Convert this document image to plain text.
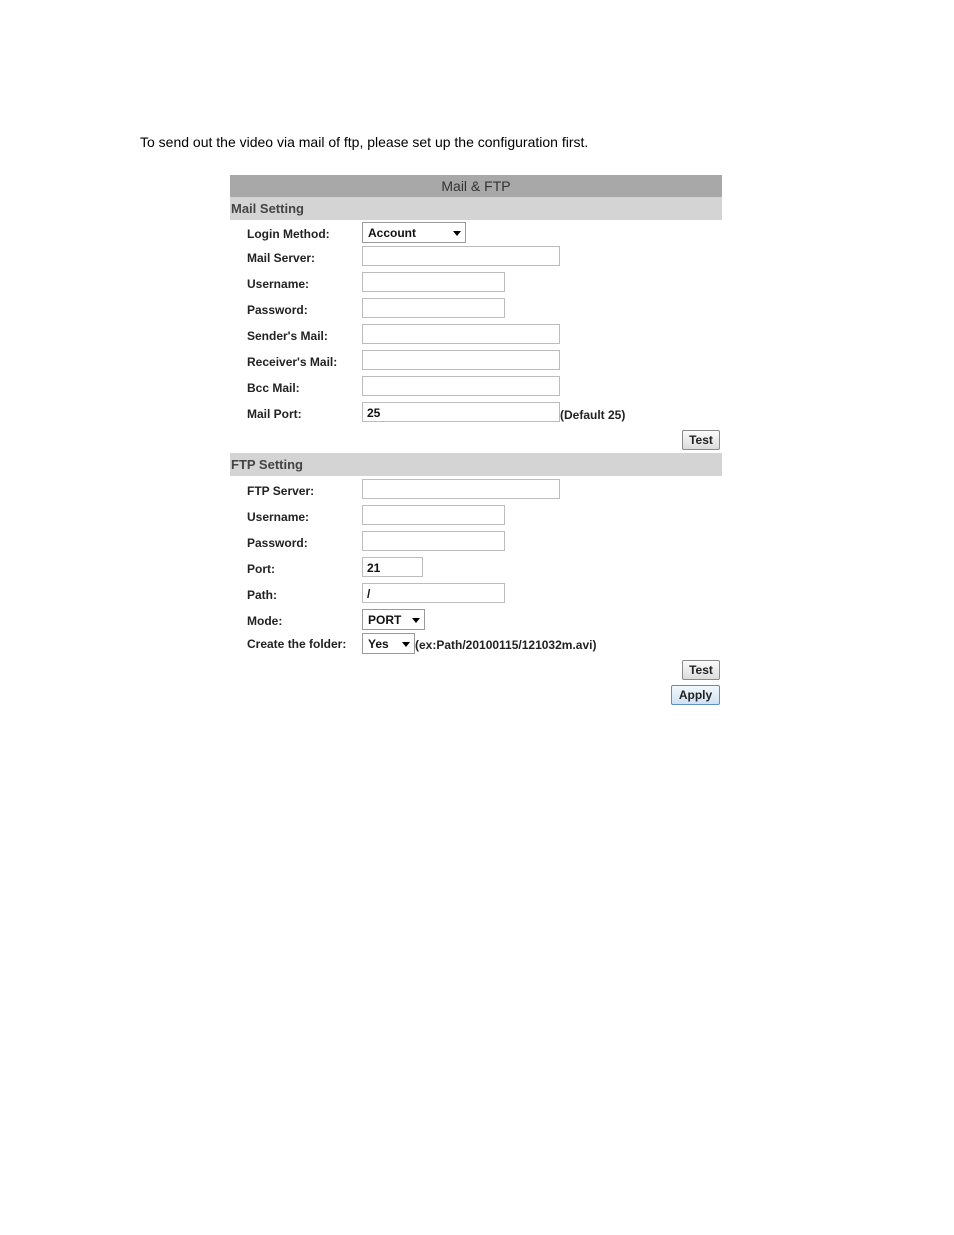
To send out the video via mail of ftp, please set up the configuration first.
Mail & FTP
Mail Setting
Login Method:	Account
Mail Server:
Username:
Password:
Sender's Mail:
Receiver's Mail:
Bcc Mail:
Mail Port:	25	(Default 25)
Test
FTP Setting
FTP Server:
Username:
Password:
Port:	21
Path:	/
Mode:	PORT
Create the folder:	Yes	(ex:Path/20100115/121032m.avi)
Test
Apply
